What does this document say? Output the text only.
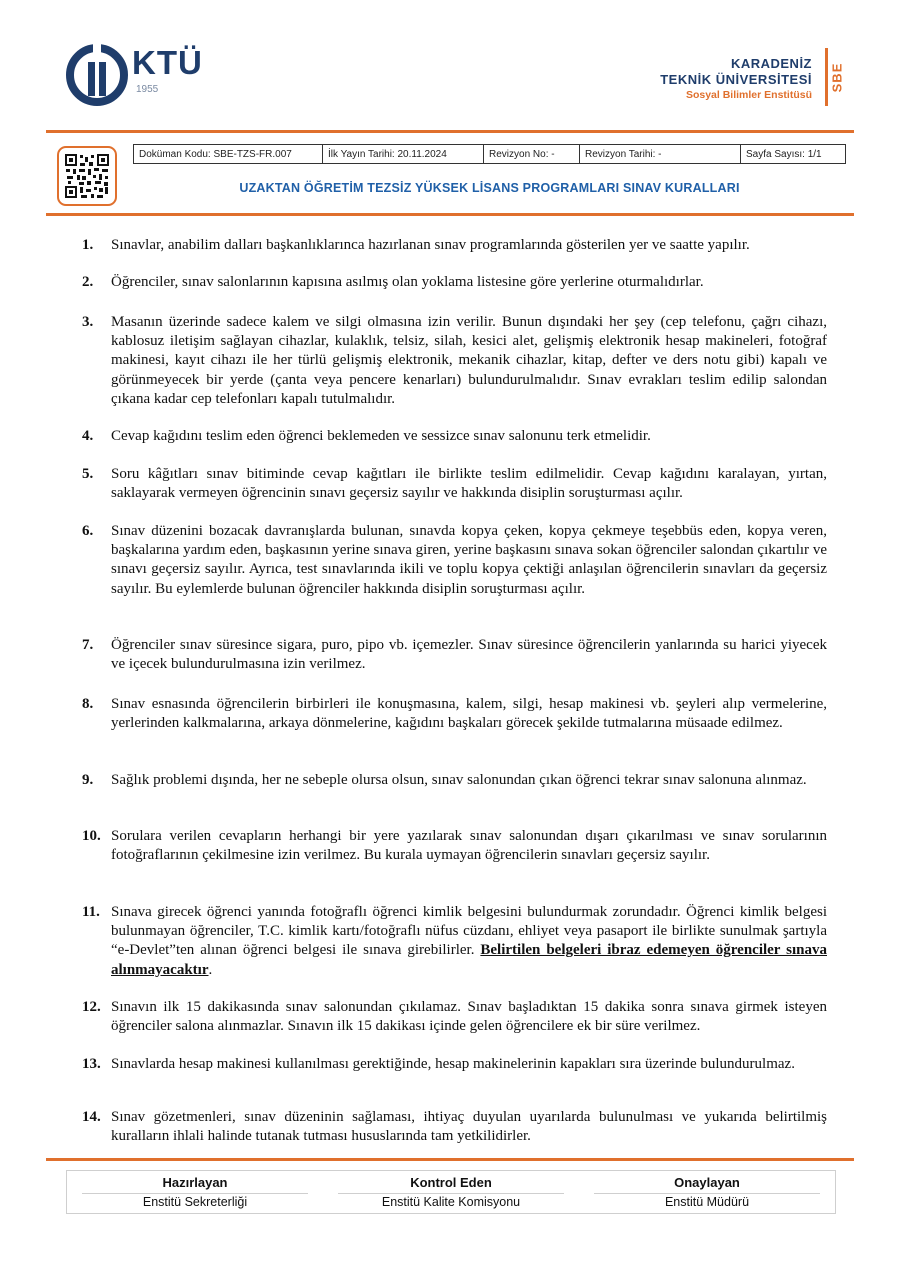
KTÜ
1955
KARADENİZ
TEKNİK ÜNİVERSİTESİ
Sosyal Bilimler Enstitüsü
SBE
Doküman Kodu: SBE-TZS-FR.007	İlk Yayın Tarihi: 20.11.2024	Revizyon No: -	Revizyon Tarihi: -	Sayfa Sayısı: 1/1
UZAKTAN ÖĞRETİM TEZSİZ YÜKSEK LİSANS PROGRAMLARI SINAV KURALLARI
1. Sınavlar, anabilim dalları başkanlıklarınca hazırlanan sınav programlarında gösterilen yer ve saatte yapılır.
2. Öğrenciler, sınav salonlarının kapısına asılmış olan yoklama listesine göre yerlerine oturmalıdırlar.
3. Masanın üzerinde sadece kalem ve silgi olmasına izin verilir. Bunun dışındaki her şey (cep telefonu, çağrı cihazı, kablosuz iletişim sağlayan cihazlar, kulaklık, telsiz, silah, kesici alet, gelişmiş elektronik hesap makineleri, fotoğraf makinesi, kayıt cihazı ile her türlü gelişmiş elektronik, mekanik cihazlar, kitap, defter ve ders notu gibi) kapalı ve görünmeyecek bir yerde (çanta veya pencere kenarları) bulundurulmalıdır. Sınav evrakları teslim edilip salondan çıkana kadar cep telefonları kapalı tutulmalıdır.
4. Cevap kağıdını teslim eden öğrenci beklemeden ve sessizce sınav salonunu terk etmelidir.
5. Soru kâğıtları sınav bitiminde cevap kağıtları ile birlikte teslim edilmelidir. Cevap kağıdını karalayan, yırtan, saklayarak vermeyen öğrencinin sınavı geçersiz sayılır ve hakkında disiplin soruşturması açılır.
6. Sınav düzenini bozacak davranışlarda bulunan, sınavda kopya çeken, kopya çekmeye teşebbüs eden, kopya veren, başkalarına yardım eden, başkasının yerine sınava giren, yerine başkasını sınava sokan öğrenciler salondan çıkartılır ve sınavı geçersiz sayılır. Ayrıca, test sınavlarında ikili ve toplu kopya çektiği anlaşılan öğrencilerin sınavları da geçersiz sayılır. Bu eylemlerde bulunan öğrenciler hakkında disiplin soruşturması açılır.
7. Öğrenciler sınav süresince sigara, puro, pipo vb. içemezler. Sınav süresince öğrencilerin yanlarında su harici yiyecek ve içecek bulundurulmasına izin verilmez.
8. Sınav esnasında öğrencilerin birbirleri ile konuşmasına, kalem, silgi, hesap makinesi vb. şeyleri alıp vermelerine, yerlerinden kalkmalarına, arkaya dönmelerine, kağıdını başkaları görecek şekilde tutmalarına müsaade edilmez.
9. Sağlık problemi dışında, her ne sebeple olursa olsun, sınav salonundan çıkan öğrenci tekrar sınav salonuna alınmaz.
10. Sorulara verilen cevapların herhangi bir yere yazılarak sınav salonundan dışarı çıkarılması ve sınav sorularının fotoğraflarının çekilmesine izin verilmez. Bu kurala uymayan öğrencilerin sınavları geçersiz sayılır.
11. Sınava girecek öğrenci yanında fotoğraflı öğrenci kimlik belgesini bulundurmak zorundadır. Öğrenci kimlik belgesi bulunmayan öğrenciler, T.C. kimlik kartı/fotoğraflı nüfus cüzdanı, ehliyet veya pasaport ile birlikte sunulmak şartıyla “e-Devlet”ten alınan öğrenci belgesi ile sınava girebilirler. Belirtilen belgeleri ibraz edemeyen öğrenciler sınava alınmayacaktır.
12. Sınavın ilk 15 dakikasında sınav salonundan çıkılamaz. Sınav başladıktan 15 dakika sonra sınava girmek isteyen öğrenciler salona alınmazlar. Sınavın ilk 15 dakikası içinde gelen öğrencilere ek bir süre verilmez.
13. Sınavlarda hesap makinesi kullanılması gerektiğinde, hesap makinelerinin kapakları sıra üzerinde bulundurulmaz.
14. Sınav gözetmenleri, sınav düzeninin sağlaması, ihtiyaç duyulan uyarılarda bulunulması ve yukarıda belirtilmiş kuralların ihlali halinde tutanak tutması hususlarında tam yetkilidirler.
Hazırlayan
Enstitü Sekreterliği
Kontrol Eden
Enstitü Kalite Komisyonu
Onaylayan
Enstitü Müdürü
